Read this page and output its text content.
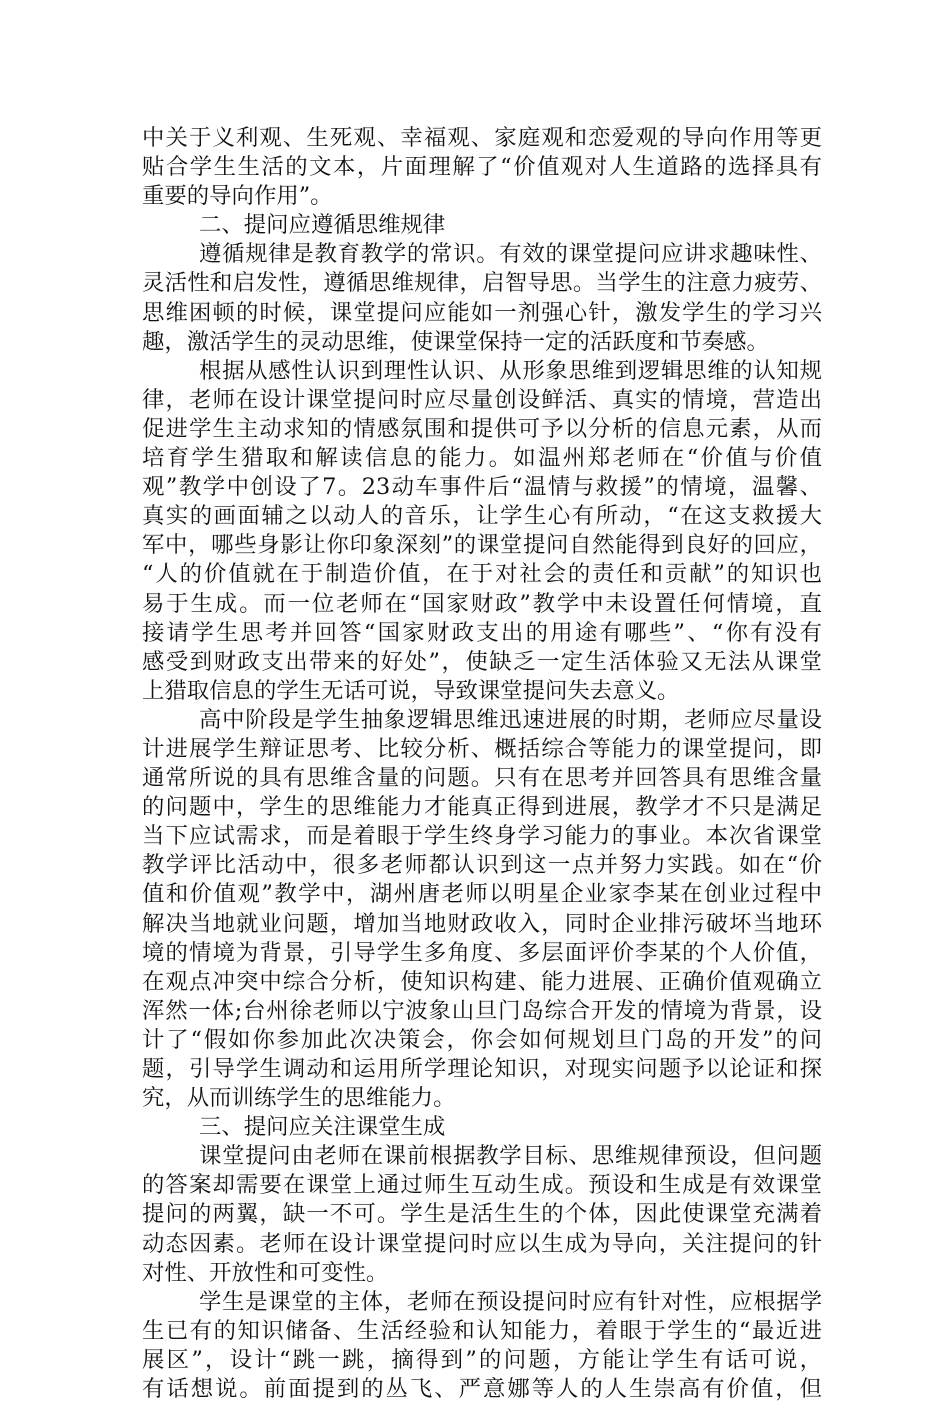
中关于义利观、生死观、幸福观、家庭观和恋爱观的导向作用等更
贴合学生生活的文本，片面理解了“价值观对人生道路的选择具有
重要的导向作用”。
二、提问应遵循思维规律
遵循规律是教育教学的常识。有效的课堂提问应讲求趣味性、
灵活性和启发性，遵循思维规律，启智导思。当学生的注意力疲劳、
思维困顿的时候，课堂提问应能如一剂强心针，激发学生的学习兴
趣，激活学生的灵动思维，使课堂保持一定的活跃度和节奏感。
根据从感性认识到理性认识、从形象思维到逻辑思维的认知规
律，老师在设计课堂提问时应尽量创设鲜活、真实的情境，营造出
促进学生主动求知的情感氛围和提供可予以分析的信息元素，从而
培育学生猎取和解读信息的能力。如温州郑老师在“价值与价值
观”教学中创设了7。23动车事件后“温情与救援”的情境，温馨、
真实的画面辅之以动人的音乐，让学生心有所动，“在这支救援大
军中，哪些身影让你印象深刻”的课堂提问自然能得到良好的回应，
“人的价值就在于制造价值，在于对社会的责任和贡献”的知识也
易于生成。而一位老师在“国家财政”教学中未设置任何情境，直
接请学生思考并回答“国家财政支出的用途有哪些”、“你有没有
感受到财政支出带来的好处”，使缺乏一定生活体验又无法从课堂
上猎取信息的学生无话可说，导致课堂提问失去意义。
高中阶段是学生抽象逻辑思维迅速进展的时期，老师应尽量设
计进展学生辩证思考、比较分析、概括综合等能力的课堂提问，即
通常所说的具有思维含量的问题。只有在思考并回答具有思维含量
的问题中，学生的思维能力才能真正得到进展，教学才不只是满足
当下应试需求，而是着眼于学生终身学习能力的事业。本次省课堂
教学评比活动中，很多老师都认识到这一点并努力实践。如在“价
值和价值观”教学中，湖州唐老师以明星企业家李某在创业过程中
解决当地就业问题，增加当地财政收入，同时企业排污破坏当地环
境的情境为背景，引导学生多角度、多层面评价李某的个人价值，
在观点冲突中综合分析，使知识构建、能力进展、正确价值观确立
浑然一体;台州徐老师以宁波象山旦门岛综合开发的情境为背景，设
计了“假如你参加此次决策会，你会如何规划旦门岛的开发”的问
题，引导学生调动和运用所学理论知识，对现实问题予以论证和探
究，从而训练学生的思维能力。
三、提问应关注课堂生成
课堂提问由老师在课前根据教学目标、思维规律预设，但问题
的答案却需要在课堂上通过师生互动生成。预设和生成是有效课堂
提问的两翼，缺一不可。学生是活生生的个体，因此使课堂充满着
动态因素。老师在设计课堂提问时应以生成为导向，关注提问的针
对性、开放性和可变性。
学生是课堂的主体，老师在预设提问时应有针对性，应根据学
生已有的知识储备、生活经验和认知能力，着眼于学生的“最近进
展区”，设计“跳一跳，摘得到”的问题，方能让学生有话可说，
有话想说。前面提到的丛飞、严意娜等人的人生崇高有价值，但
